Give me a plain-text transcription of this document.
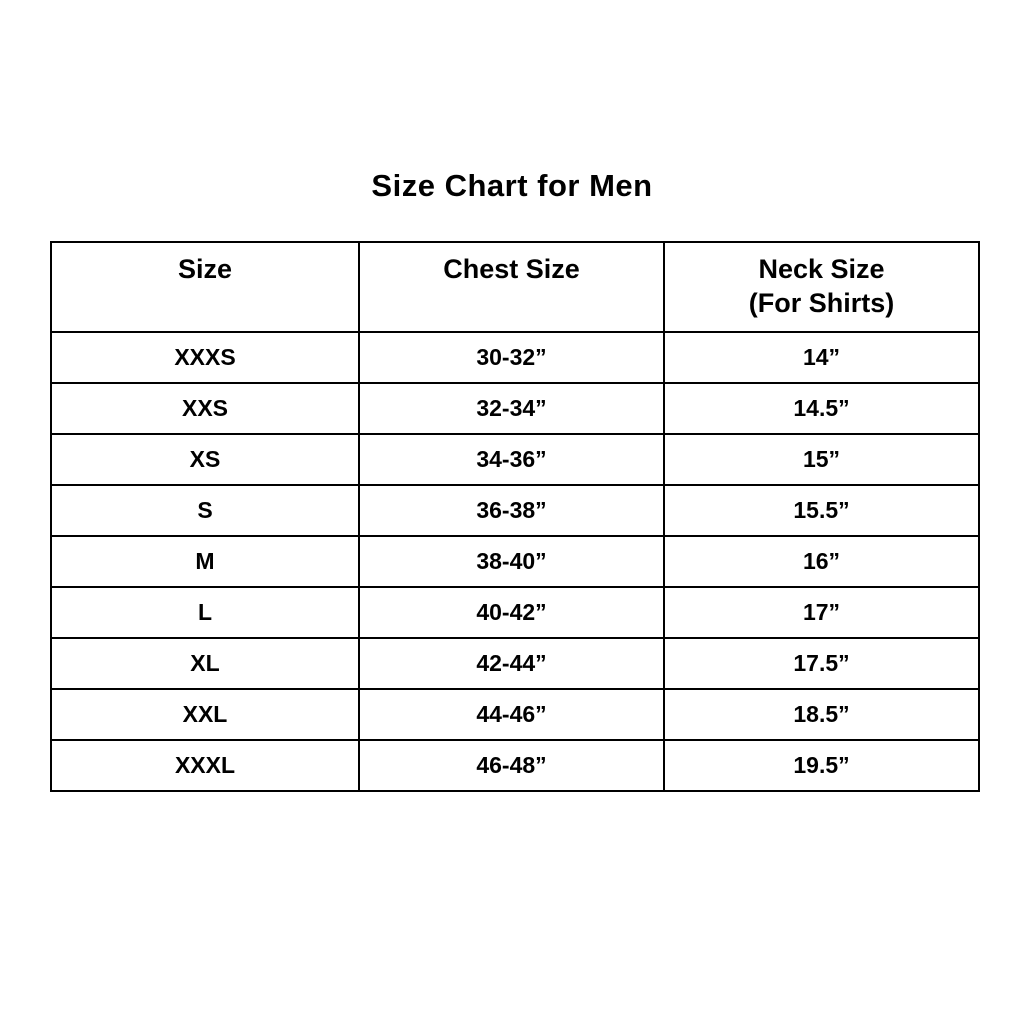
Size Chart for Men
Size	Chest Size	Neck Size
(For Shirts)

XXXS	30-32”	14”
XXS	32-34”	14.5”
XS	34-36”	15”
S	36-38”	15.5”
M	38-40”	16”
L	40-42”	17”
XL	42-44”	17.5”
XXL	44-46”	18.5”
XXXL	46-48”	19.5”
